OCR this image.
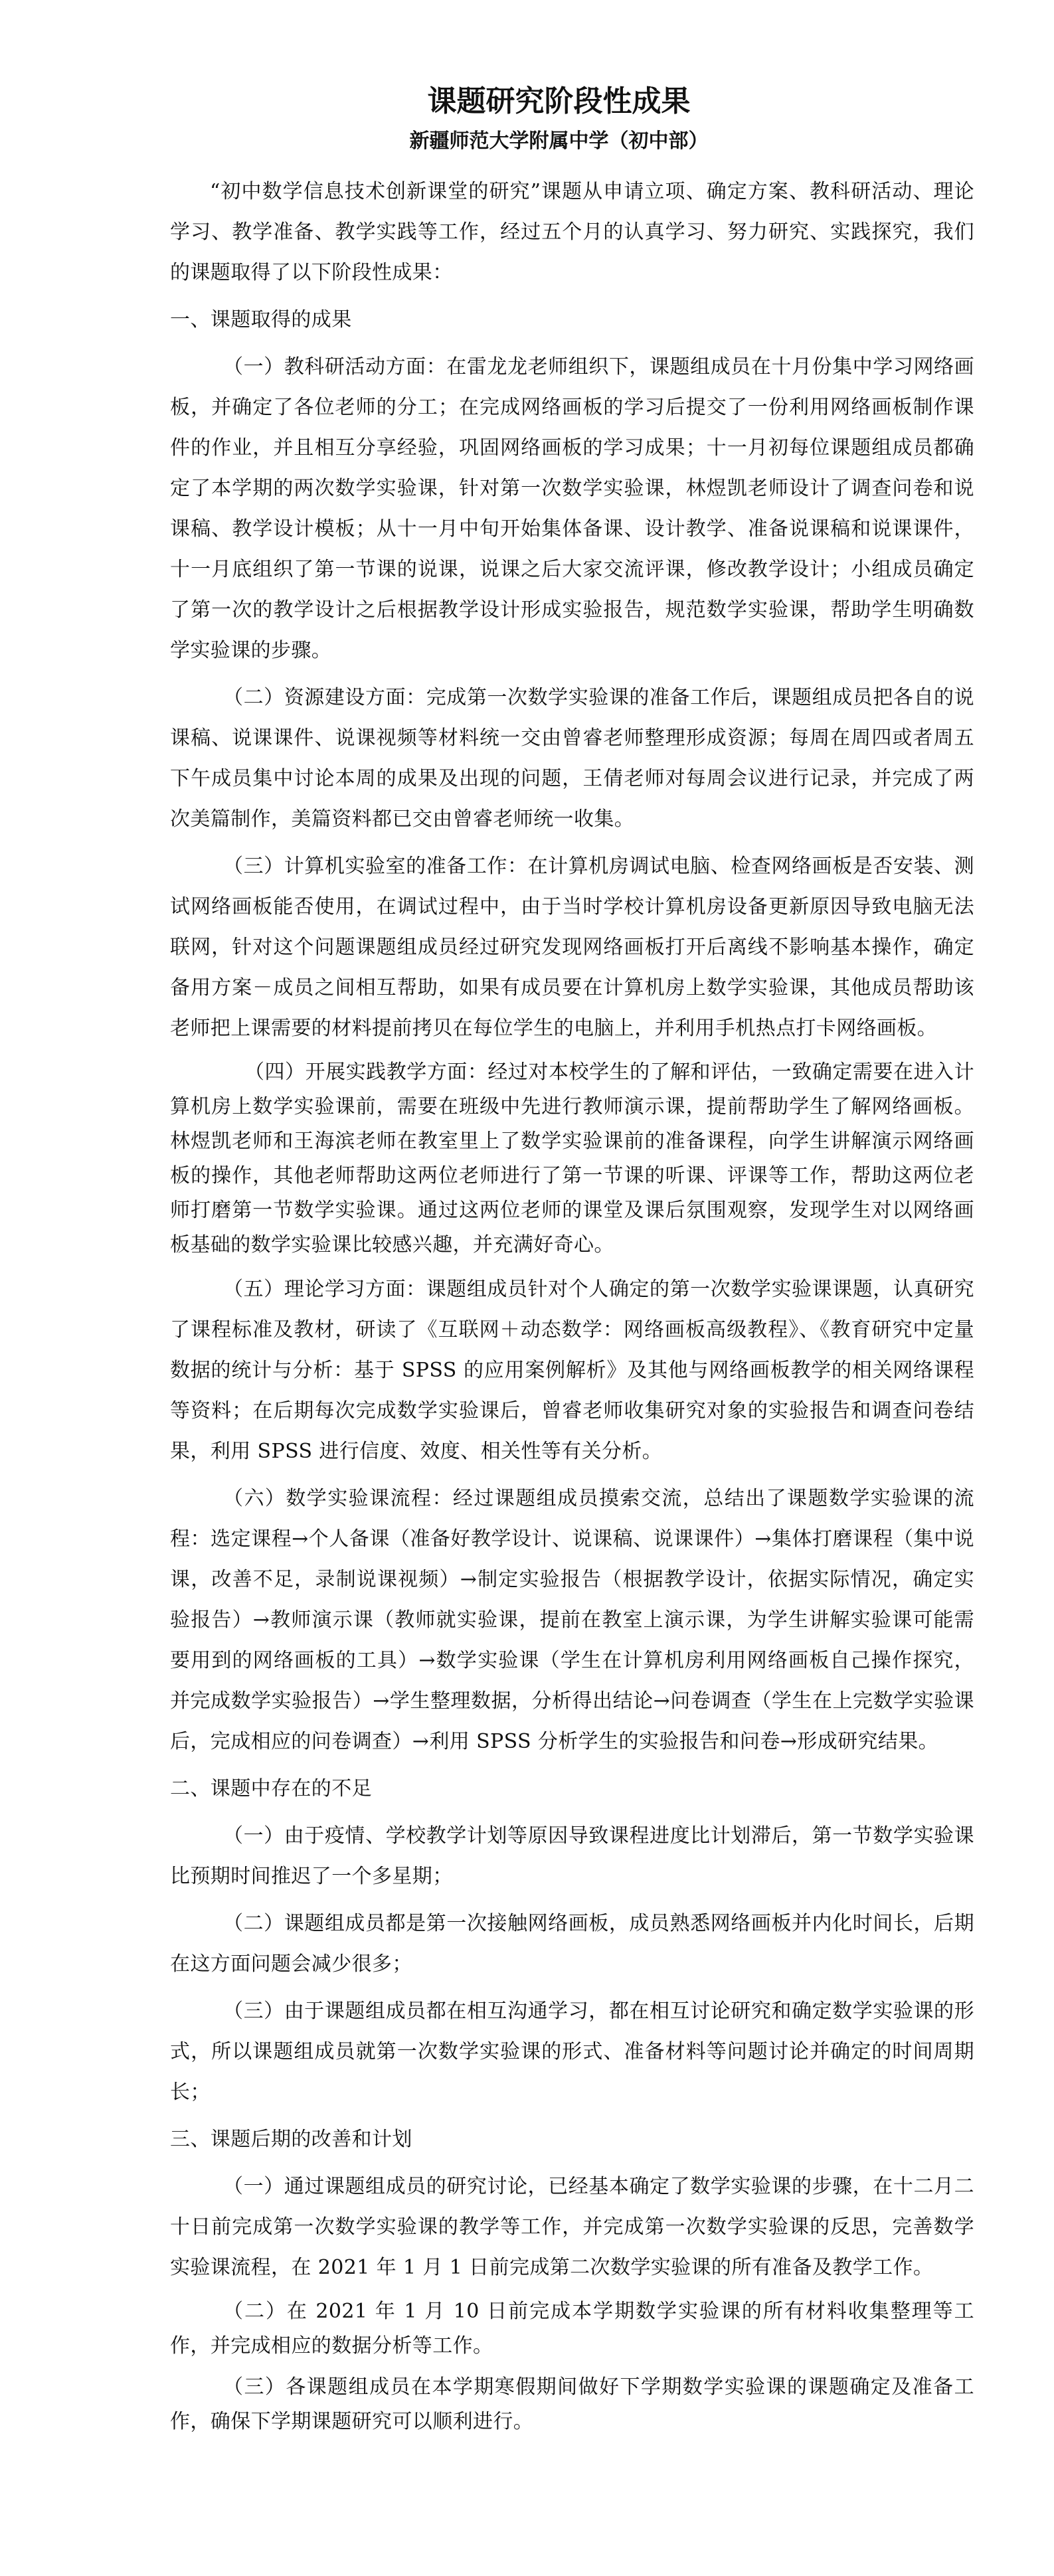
课题研究阶段性成果
新疆师范大学附属中学（初中部）

“初中数学信息技术创新课堂的研究”课题从申请立项、确定方案、教科研活动、理论学习、教学准备、教学实践等工作，经过五个月的认真学习、努力研究、实践探究，我们的课题取得了以下阶段性成果：

一、课题取得的成果

（一）教科研活动方面：在雷龙龙老师组织下，课题组成员在十月份集中学习网络画板，并确定了各位老师的分工；在完成网络画板的学习后提交了一份利用网络画板制作课件的作业，并且相互分享经验，巩固网络画板的学习成果；十一月初每位课题组成员都确定了本学期的两次数学实验课，针对第一次数学实验课，林煜凯老师设计了调查问卷和说课稿、教学设计模板；从十一月中旬开始集体备课、设计教学、准备说课稿和说课课件，十一月底组织了第一节课的说课，说课之后大家交流评课，修改教学设计；小组成员确定了第一次的教学设计之后根据教学设计形成实验报告，规范数学实验课，帮助学生明确数学实验课的步骤。

（二）资源建设方面：完成第一次数学实验课的准备工作后，课题组成员把各自的说课稿、说课课件、说课视频等材料统一交由曾睿老师整理形成资源；每周在周四或者周五下午成员集中讨论本周的成果及出现的问题，王倩老师对每周会议进行记录，并完成了两次美篇制作，美篇资料都已交由曾睿老师统一收集。

（三）计算机实验室的准备工作：在计算机房调试电脑、检查网络画板是否安装、测试网络画板能否使用，在调试过程中，由于当时学校计算机房设备更新原因导致电脑无法联网，针对这个问题课题组成员经过研究发现网络画板打开后离线不影响基本操作，确定备用方案－成员之间相互帮助，如果有成员要在计算机房上数学实验课，其他成员帮助该老师把上课需要的材料提前拷贝在每位学生的电脑上，并利用手机热点打卡网络画板。

（四）开展实践教学方面：经过对本校学生的了解和评估，一致确定需要在进入计算机房上数学实验课前，需要在班级中先进行教师演示课，提前帮助学生了解网络画板。林煜凯老师和王海滨老师在教室里上了数学实验课前的准备课程，向学生讲解演示网络画板的操作，其他老师帮助这两位老师进行了第一节课的听课、评课等工作，帮助这两位老师打磨第一节数学实验课。通过这两位老师的课堂及课后氛围观察，发现学生对以网络画板基础的数学实验课比较感兴趣，并充满好奇心。

（五）理论学习方面：课题组成员针对个人确定的第一次数学实验课课题，认真研究了课程标准及教材，研读了《互联网＋动态数学：网络画板高级教程》、《教育研究中定量数据的统计与分析：基于 SPSS 的应用案例解析》及其他与网络画板教学的相关网络课程等资料；在后期每次完成数学实验课后，曾睿老师收集研究对象的实验报告和调查问卷结果，利用 SPSS 进行信度、效度、相关性等有关分析。

（六）数学实验课流程：经过课题组成员摸索交流，总结出了课题数学实验课的流程：选定课程→个人备课（准备好教学设计、说课稿、说课课件）→集体打磨课程（集中说课，改善不足，录制说课视频）→制定实验报告（根据教学设计，依据实际情况，确定实验报告）→教师演示课（教师就实验课，提前在教室上演示课，为学生讲解实验课可能需要用到的网络画板的工具）→数学实验课（学生在计算机房利用网络画板自己操作探究，并完成数学实验报告）→学生整理数据，分析得出结论→问卷调查（学生在上完数学实验课后，完成相应的问卷调查）→利用 SPSS 分析学生的实验报告和问卷→形成研究结果。

二、课题中存在的不足

（一）由于疫情、学校教学计划等原因导致课程进度比计划滞后，第一节数学实验课比预期时间推迟了一个多星期；

（二）课题组成员都是第一次接触网络画板，成员熟悉网络画板并内化时间长，后期在这方面问题会减少很多；

（三）由于课题组成员都在相互沟通学习，都在相互讨论研究和确定数学实验课的形式，所以课题组成员就第一次数学实验课的形式、准备材料等问题讨论并确定的时间周期长；

三、课题后期的改善和计划

（一）通过课题组成员的研究讨论，已经基本确定了数学实验课的步骤，在十二月二十日前完成第一次数学实验课的教学等工作，并完成第一次数学实验课的反思，完善数学实验课流程，在 2021 年 1 月 1 日前完成第二次数学实验课的所有准备及教学工作。

（二）在 2021 年 1 月 10 日前完成本学期数学实验课的所有材料收集整理等工作，并完成相应的数据分析等工作。

（三）各课题组成员在本学期寒假期间做好下学期数学实验课的课题确定及准备工作，确保下学期课题研究可以顺利进行。
